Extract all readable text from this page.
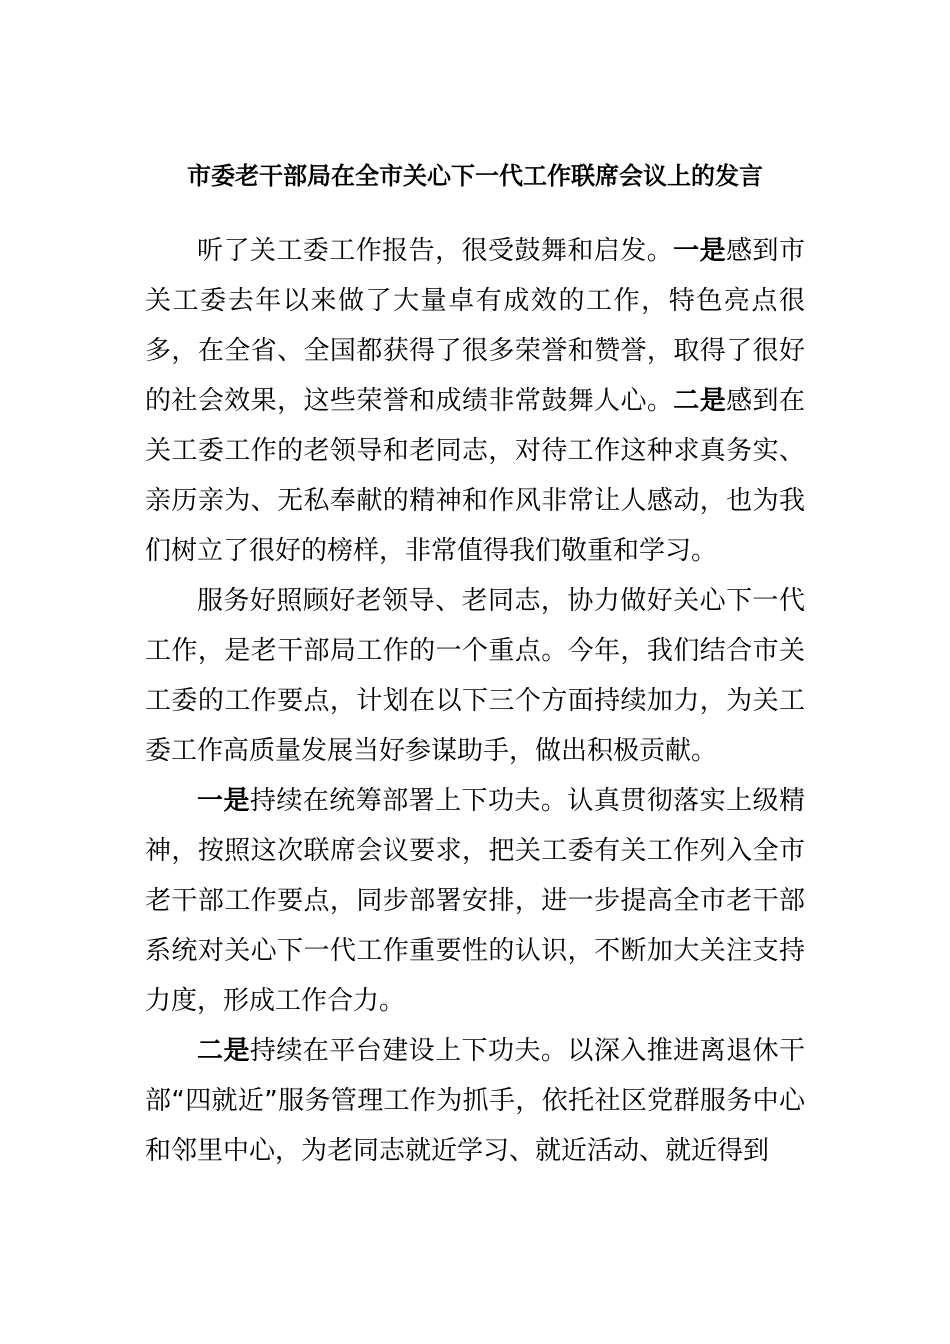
市委老干部局在全市关心下一代工作联席会议上的发言

听了关工委工作报告，很受鼓舞和启发。一是感到市关工委去年以来做了大量卓有成效的工作，特色亮点很多，在全省、全国都获得了很多荣誉和赞誉，取得了很好的社会效果，这些荣誉和成绩非常鼓舞人心。二是感到在关工委工作的老领导和老同志，对待工作这种求真务实、亲历亲为、无私奉献的精神和作风非常让人感动，也为我们树立了很好的榜样，非常值得我们敬重和学习。

服务好照顾好老领导、老同志，协力做好关心下一代工作，是老干部局工作的一个重点。今年，我们结合市关工委的工作要点，计划在以下三个方面持续加力，为关工委工作高质量发展当好参谋助手，做出积极贡献。

一是持续在统筹部署上下功夫。认真贯彻落实上级精神，按照这次联席会议要求，把关工委有关工作列入全市老干部工作要点，同步部署安排，进一步提高全市老干部系统对关心下一代工作重要性的认识，不断加大关注支持力度，形成工作合力。

二是持续在平台建设上下功夫。以深入推进离退休干部“四就近”服务管理工作为抓手，依托社区党群服务中心和邻里中心，为老同志就近学习、就近活动、就近得到
